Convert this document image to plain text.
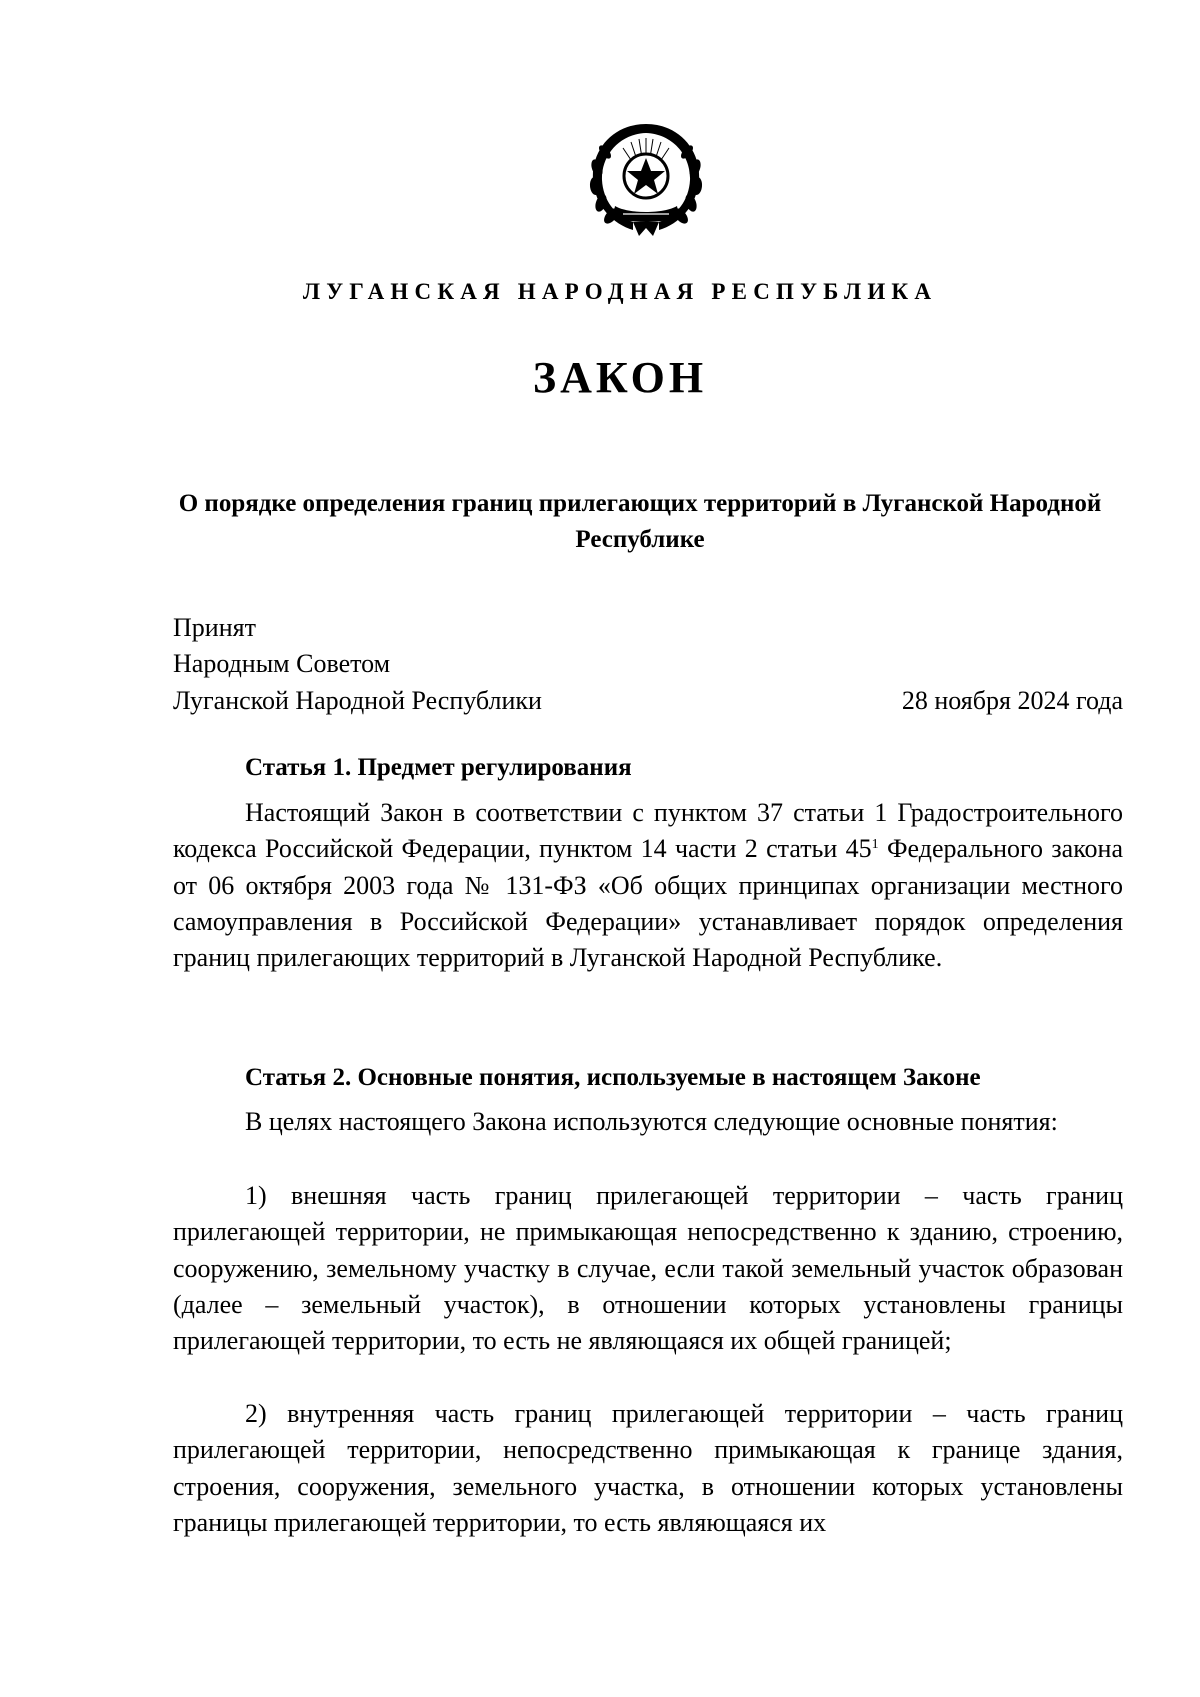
ЛУГАНСКАЯ НАРОДНАЯ РЕСПУБЛИКА
ЗАКОН
О порядке определения границ прилегающих территорий в Луганской Народной Республике
Принят
Народным Советом
Луганской Народной Республики	28 ноября 2024 года
Статья 1. Предмет регулирования

Настоящий Закон в соответствии с пунктом 37 статьи 1 Градостроительного кодекса Российской Федерации, пунктом 14 части 2 статьи $45^1$ Федерального закона от 06 октября 2003 года № 131-ФЗ «Об общих принципах организации местного самоуправления в Российской Федерации» устанавливает порядок определения границ прилегающих территорий в Луганской Народной Республике.

Статья 2. Основные понятия, используемые в настоящем Законе

В целях настоящего Закона используются следующие основные понятия:

1) внешняя часть границ прилегающей территории – часть границ прилегающей территории, не примыкающая непосредственно к зданию, строению, сооружению, земельному участку в случае, если такой земельный участок образован (далее – земельный участок), в отношении которых установлены границы прилегающей территории, то есть не являющаяся их общей границей;

2) внутренняя часть границ прилегающей территории – часть границ прилегающей территории, непосредственно примыкающая к границе здания, строения, сооружения, земельного участка, в отношении которых установлены границы прилегающей территории, то есть являющаяся их
